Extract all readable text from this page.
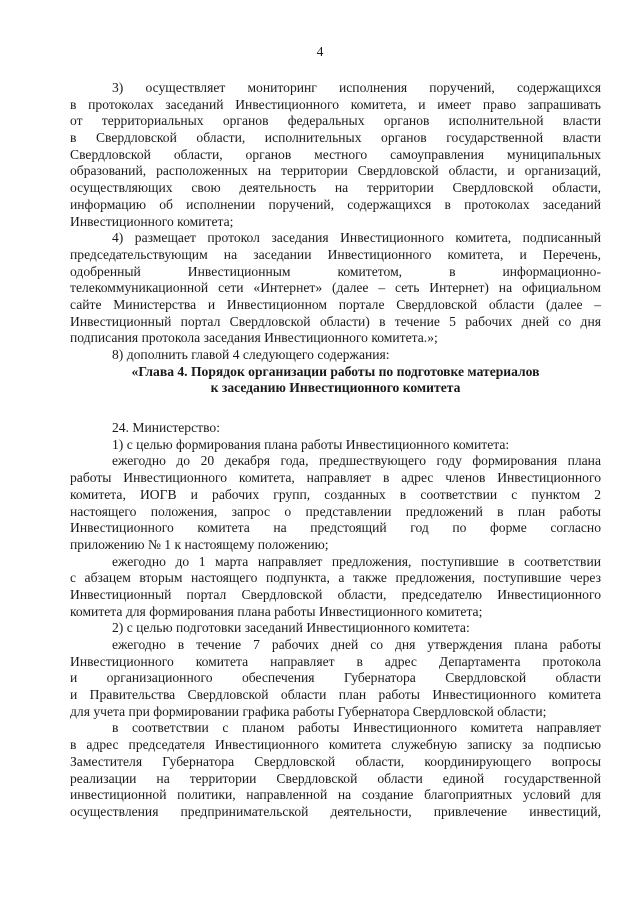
4
3) осуществляет мониторинг исполнения поручений, содержащихся
в протоколах заседаний Инвестиционного комитета, и имеет право запрашивать
от территориальных органов федеральных органов исполнительной власти
в Свердловской области, исполнительных органов государственной власти
Свердловской области, органов местного самоуправления муниципальных
образований, расположенных на территории Свердловской области, и организаций,
осуществляющих свою деятельность на территории Свердловской области,
информацию об исполнении поручений, содержащихся в протоколах заседаний
Инвестиционного комитета;
4) размещает протокол заседания Инвестиционного комитета, подписанный
председательствующим на заседании Инвестиционного комитета, и Перечень,
одобренный Инвестиционным комитетом, в информационно-
телекоммуникационной сети «Интернет» (далее – сеть Интернет) на официальном
сайте Министерства и Инвестиционном портале Свердловской области (далее –
Инвестиционный портал Свердловской области) в течение 5 рабочих дней со дня
подписания протокола заседания Инвестиционного комитета.»;
8) дополнить главой 4 следующего содержания:
«Глава 4. Порядок организации работы по подготовке материалов
к заседанию Инвестиционного комитета
24. Министерство:
1) с целью формирования плана работы Инвестиционного комитета:
ежегодно до 20 декабря года, предшествующего году формирования плана
работы Инвестиционного комитета, направляет в адрес членов Инвестиционного
комитета, ИОГВ и рабочих групп, созданных в соответствии с пунктом 2
настоящего положения, запрос о представлении предложений в план работы
Инвестиционного комитета на предстоящий год по форме согласно
приложению № 1 к настоящему положению;
ежегодно до 1 марта направляет предложения, поступившие в соответствии
с абзацем вторым настоящего подпункта, а также предложения, поступившие через
Инвестиционный портал Свердловской области, председателю Инвестиционного
комитета для формирования плана работы Инвестиционного комитета;
2) с целью подготовки заседаний Инвестиционного комитета:
ежегодно в течение 7 рабочих дней со дня утверждения плана работы
Инвестиционного комитета направляет в адрес Департамента протокола
и организационного обеспечения Губернатора Свердловской области
и Правительства Свердловской области план работы Инвестиционного комитета
для учета при формировании графика работы Губернатора Свердловской области;
в соответствии с планом работы Инвестиционного комитета направляет
в адрес председателя Инвестиционного комитета служебную записку за подписью
Заместителя Губернатора Свердловской области, координирующего вопросы
реализации на территории Свердловской области единой государственной
инвестиционной политики, направленной на создание благоприятных условий для
осуществления предпринимательской деятельности, привлечение инвестиций,
